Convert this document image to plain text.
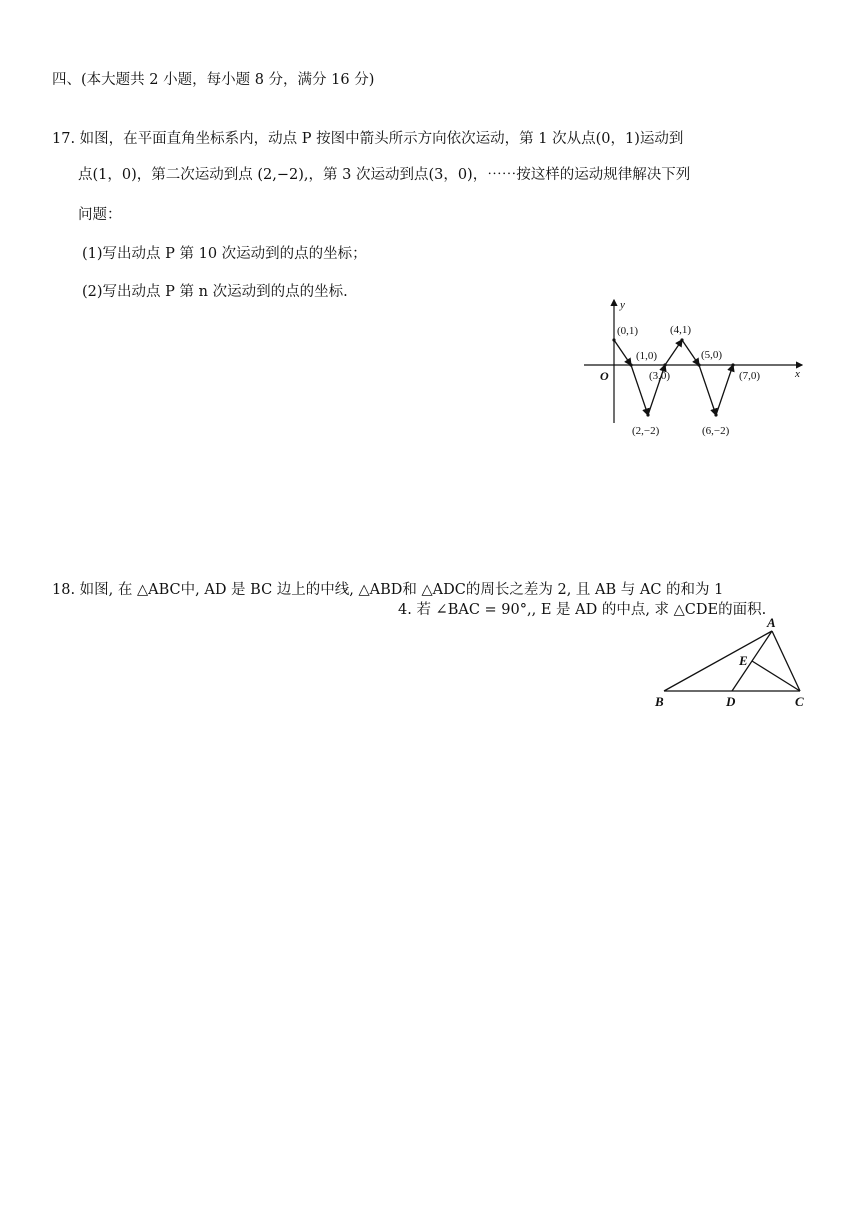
四、(本大题共 2 小题，每小题 8 分，满分 16 分)
17. 如图，在平面直角坐标系内，动点 P 按图中箭头所示方向依次运动，第 1 次从点(0，1)运动到
点(1，0)，第二次运动到点 (2,−2),，第 3 次运动到点(3，0)，⋯⋯按这样的运动规律解决下列
问题：
(1)写出动点 P 第 10 次运动到的点的坐标；
(2)写出动点 P 第 n 次运动到的点的坐标.
(0,1)
(1,0)
(2,−2)
(3,0)
(4,1)
(5,0)
(6,−2)
(7,0)
y
x
O
18. 如图, 在 △ABC中, AD 是 BC 边上的中线, △ABD和 △ADC的周长之差为 2, 且 AB 与 AC 的和为 1
4. 若 ∠BAC = 90°,, E 是 AD 的中点, 求 △CDE的面积.
A
B	C
D
E
